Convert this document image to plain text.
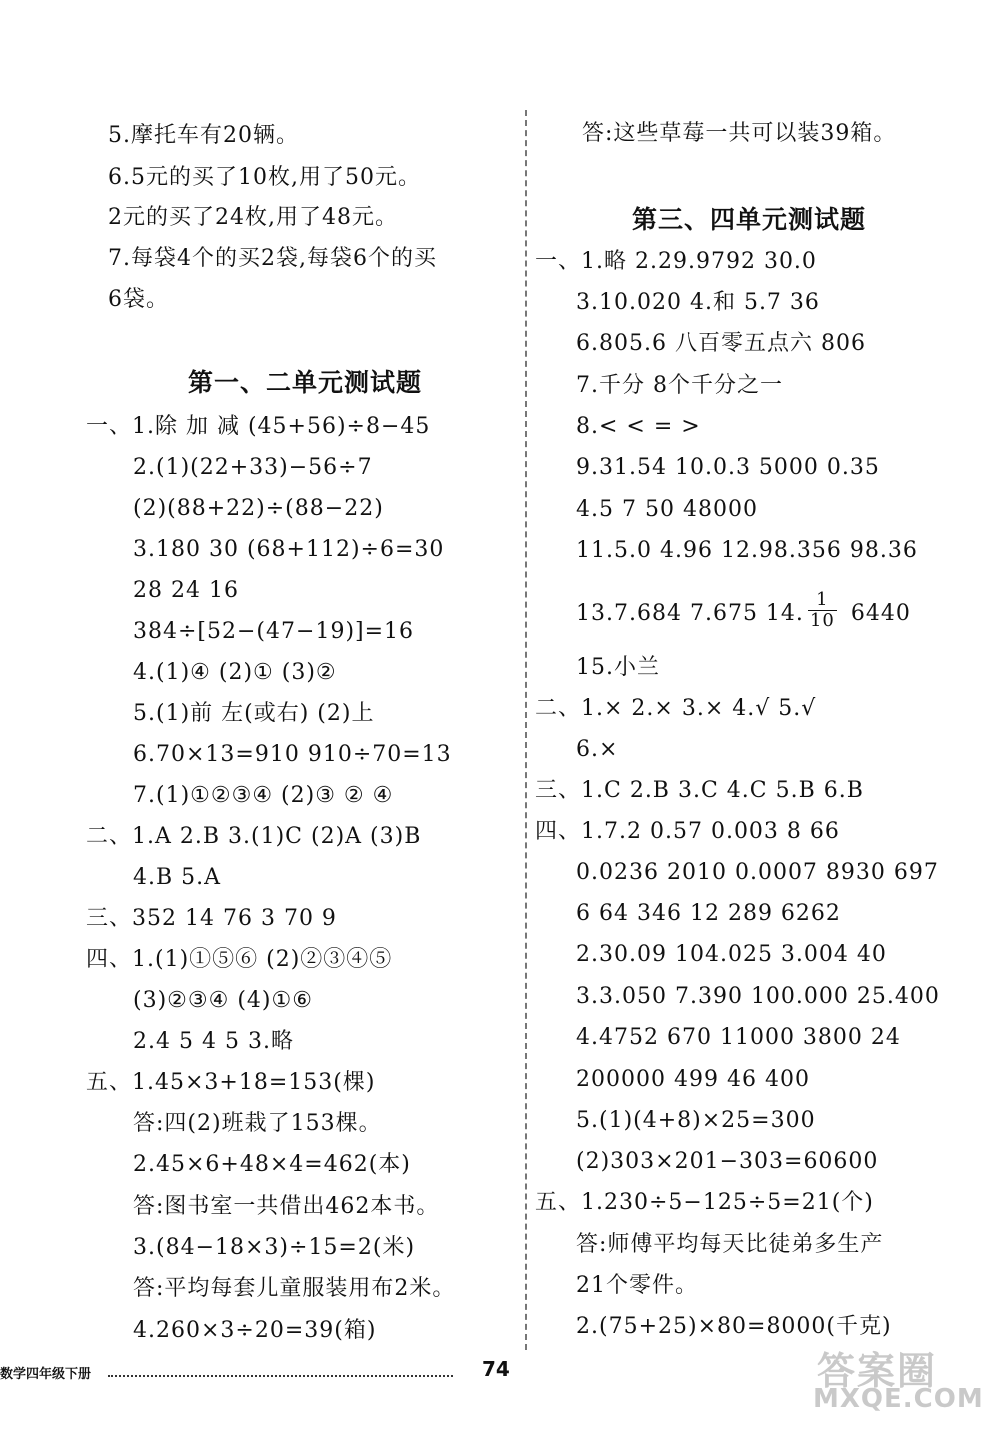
5.摩托车有20辆。
6.5元的买了10枚,用了50元。
2元的买了24枚,用了48元。
7.每袋4个的买2袋,每袋6个的买
6袋。
第一、二单元测试题
一、1.除 加 减 (45+56)÷8−45
2.(1)(22+33)−56÷7
(2)(88+22)÷(88−22)
3.180 30 (68+112)÷6=30
28 24 16
384÷[52−(47−19)]=16
4.(1)④ (2)① (3)②
5.(1)前 左(或右) (2)上
6.70×13=910 910÷70=13
7.(1)①②③④ (2)③ ② ④
二、1.A 2.B 3.(1)C (2)A (3)B
4.B 5.A
三、352 14 76 3 70 9
四、1.(1)①⑤⑥ (2)②③④⑤
(3)②③④ (4)①⑥
2.4 5 4 5 3.略
五、1.45×3+18=153(棵)
答:四(2)班栽了153棵。
2.45×6+48×4=462(本)
答:图书室一共借出462本书。
3.(84−18×3)÷15=2(米)
答:平均每套儿童服装用布2米。
4.260×3÷20=39(箱)
答:这些草莓一共可以装39箱。
第三、四单元测试题
一、1.略 2.29.9792 30.0
3.10.020 4.和 5.7 36
6.805.6 八百零五点六 806
7.千分 8个千分之一
8.< < = >
9.31.54 10.0.3 5000 0.35
4.5 7 50 48000
11.5.0 4.96 12.98.356 98.36
13.7.684 7.675 14. $\frac{1}{10} 6440$
15.小兰
二、1.× 2.× 3.× 4.√ 5.√
6.×
三、1.C 2.B 3.C 4.C 5.B 6.B
四、1.7.2 0.57 0.003 8 66
0.0236 2010 0.0007 8930 697
6 64 346 12 289 6262
2.30.09 104.025 3.004 40
3.3.050 7.390 100.000 25.400
4.4752 670 11000 3800 24
200000 499 46 400
5.(1)(4+8)×25=300
(2)303×201−303=60600
五、1.230÷5−125÷5=21(个)
答:师傅平均每天比徒弟多生产
21个零件。
2.(75+25)×80=8000(千克)
数学四年级下册	74	答案圈
MXQE.COM
